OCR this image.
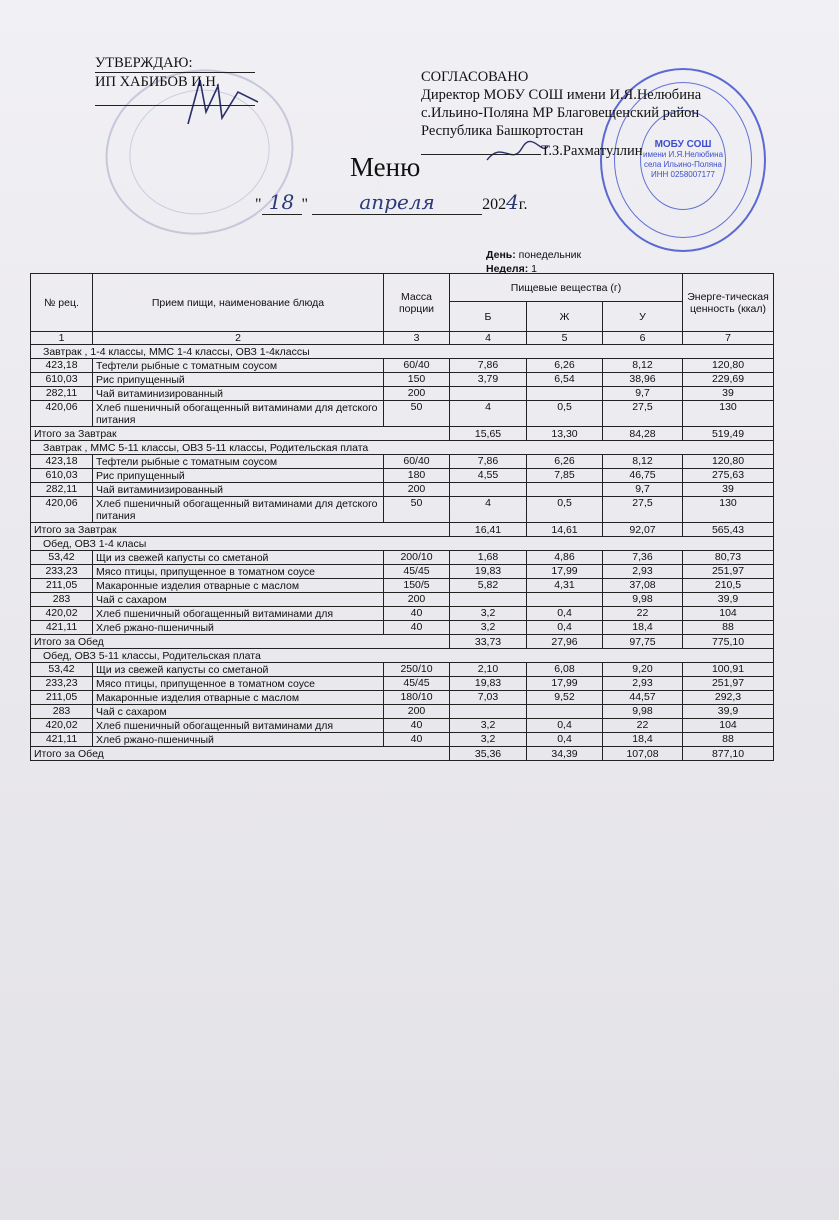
МОБУ СОШ
имени И.Я.Нелюбина
села Ильино-Поляна
ИНН 0258007177
УТВЕРЖДАЮ:
ИП ХАБИБОВ И.Н.	СОГЛАСОВАНО
Директор МОБУ СОШ имени И.Я.Нелюбина
с.Ильино-Поляна МР Благовещенский район
Республика Башкортостан
Т.З.Рахматуллин
Меню
" 18 "	апреля	2024г.
День: понедельник
Неделя: 1
№ рец.	Прием пищи, наименование блюда	Масса порции	Пищевые вещества (г)			Энерге-тическая ценность (ккал)
			Б	Ж	У	
1	2	3	4	5	6	7
Завтрак , 1-4 классы, ММС 1-4 классы, ОВЗ 1-4классы						
423,18	Тефтели рыбные с томатным соусом	60/40	7,86	6,26	8,12	120,80
610,03	Рис припущенный	150	3,79	6,54	38,96	229,69
282,11	Чай витаминизированный	200			9,7	39
420,06	Хлеб пшеничный обогащенный витаминами для детского питания	50	4	0,5	27,5	130
Итого за Завтрак			15,65	13,30	84,28	519,49
Завтрак , ММС 5-11 классы, ОВЗ 5-11 классы, Родительская плата						
423,18	Тефтели рыбные с томатным соусом	60/40	7,86	6,26	8,12	120,80
610,03	Рис припущенный	180	4,55	7,85	46,75	275,63
282,11	Чай витаминизированный	200			9,7	39
420,06	Хлеб пшеничный обогащенный витаминами для детского питания	50	4	0,5	27,5	130
Итого за Завтрак			16,41	14,61	92,07	565,43
Обед, ОВЗ 1-4 класы						
53,42	Щи из свежей капусты со сметаной	200/10	1,68	4,86	7,36	80,73
233,23	Мясо птицы, припущенное в томатном соусе	45/45	19,83	17,99	2,93	251,97
211,05	Макаронные изделия отварные с маслом	150/5	5,82	4,31	37,08	210,5
283	Чай с сахаром	200			9,98	39,9
420,02	Хлеб пшеничный обогащенный витаминами для	40	3,2	0,4	22	104
421,11	Хлеб ржано-пшеничный	40	3,2	0,4	18,4	88
Итого за Обед			33,73	27,96	97,75	775,10
Обед, ОВЗ 5-11 классы, Родительская плата						
53,42	Щи из свежей капусты со сметаной	250/10	2,10	6,08	9,20	100,91
233,23	Мясо птицы, припущенное в томатном соусе	45/45	19,83	17,99	2,93	251,97
211,05	Макаронные изделия отварные с маслом	180/10	7,03	9,52	44,57	292,3
283	Чай с сахаром	200			9,98	39,9
420,02	Хлеб пшеничный обогащенный витаминами для	40	3,2	0,4	22	104
421,11	Хлеб ржано-пшеничный	40	3,2	0,4	18,4	88
Итого за Обед			35,36	34,39	107,08	877,10
